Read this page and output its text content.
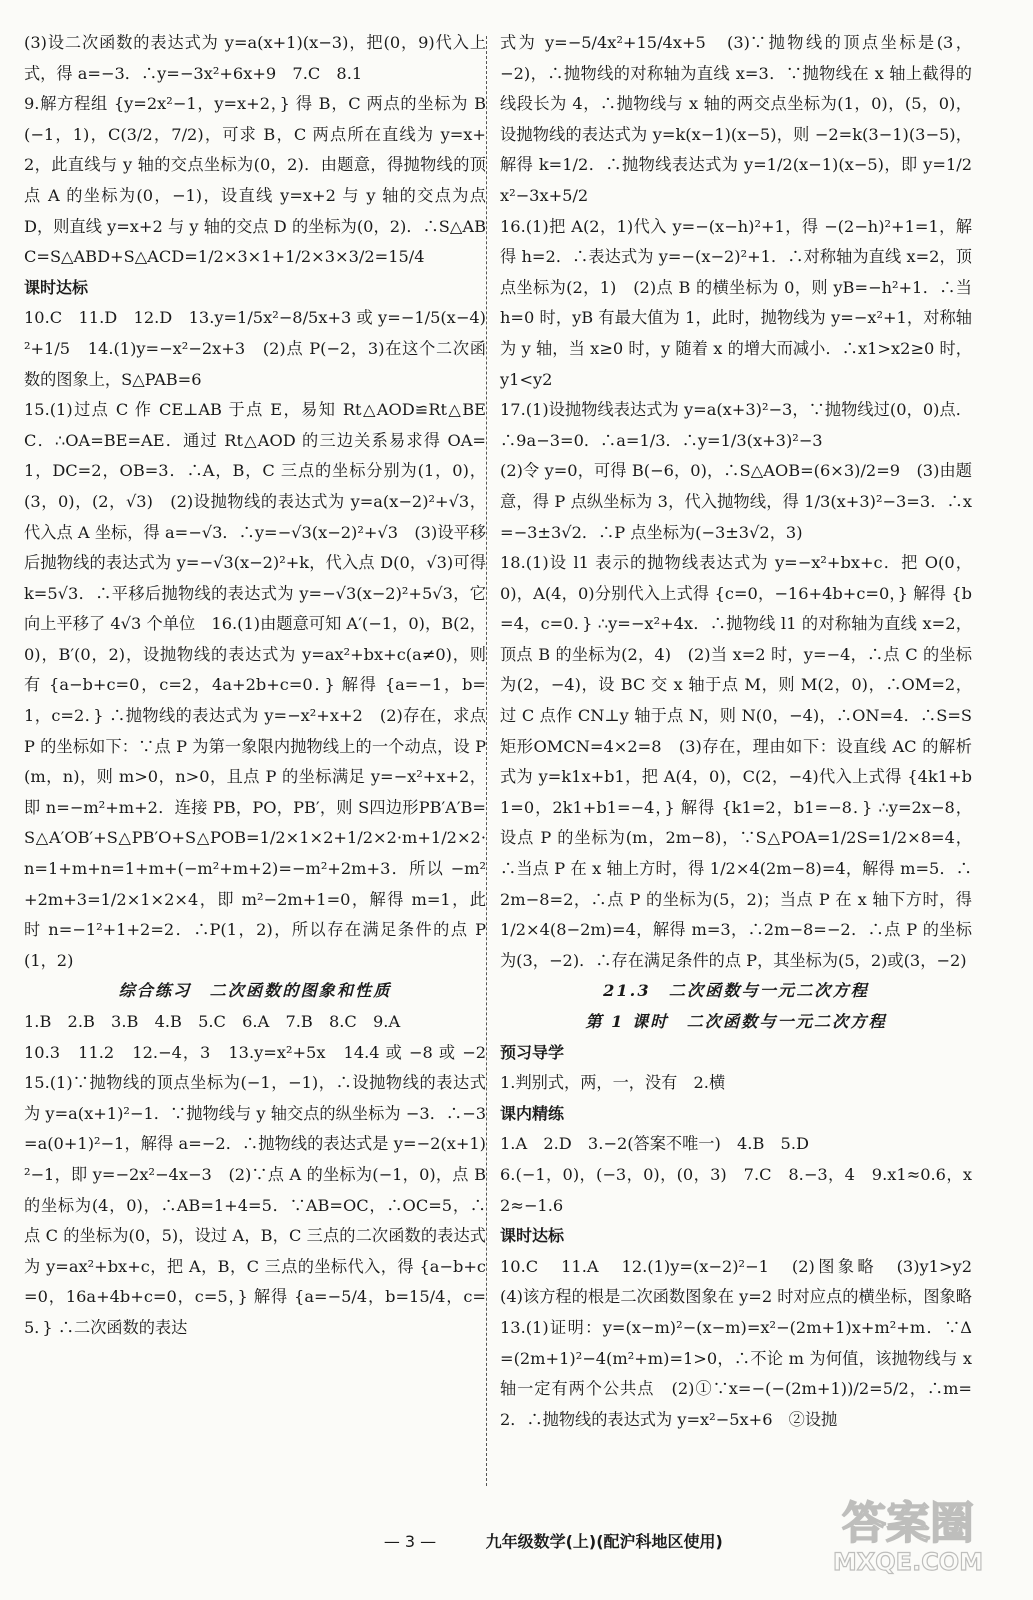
(3)设二次函数的表达式为 y=a(x+1)(x−3)，把(0，9)代入上式，得 a=−3．∴y=−3x²+6x+9　7.C　8.1

9.解方程组 {y=2x²−1，y=x+2，} 得 B，C 两点的坐标为 B(−1，1)，C(3/2，7/2)，可求 B，C 两点所在直线为 y=x+2，此直线与 y 轴的交点坐标为(0，2)．由题意，得抛物线的顶点 A 的坐标为(0，−1)，设直线 y=x+2 与 y 轴的交点为点 D，则直线 y=x+2 与 y 轴的交点 D 的坐标为(0，2)．∴S△ABC=S△ABD+S△ACD=1/2×3×1+1/2×3×3/2=15/4

课时达标

10.C　11.D　12.D　13.y=1/5x²−8/5x+3 或 y=−1/5(x−4)²+1/5　14.(1)y=−x²−2x+3　(2)点 P(−2，3)在这个二次函数的图象上，S△PAB=6

15.(1)过点 C 作 CE⊥AB 于点 E，易知 Rt△AOD≌Rt△BEC．∴OA=BE=AE．通过 Rt△AOD 的三边关系易求得 OA=1，DC=2，OB=3．∴A，B，C 三点的坐标分别为(1，0)，(3，0)，(2，√3)　(2)设抛物线的表达式为 y=a(x−2)²+√3，代入点 A 坐标，得 a=−√3．∴y=−√3(x−2)²+√3　(3)设平移后抛物线的表达式为 y=−√3(x−2)²+k，代入点 D(0，√3)可得 k=5√3．∴平移后抛物线的表达式为 y=−√3(x−2)²+5√3，它向上平移了 4√3 个单位　16.(1)由题意可知 A′(−1，0)，B(2，0)，B′(0，2)，设抛物线的表达式为 y=ax²+bx+c(a≠0)，则有 {a−b+c=0，c=2，4a+2b+c=0．} 解得 {a=−1，b=1，c=2．} ∴抛物线的表达式为 y=−x²+x+2　(2)存在，求点 P 的坐标如下：∵点 P 为第一象限内抛物线上的一个动点，设 P(m，n)，则 m>0，n>0，且点 P 的坐标满足 y=−x²+x+2，即 n=−m²+m+2．连接 PB，PO，PB′，则 S四边形PB′A′B=S△A′OB′+S△PB′O+S△POB=1/2×1×2+1/2×2·m+1/2×2·n=1+m+n=1+m+(−m²+m+2)=−m²+2m+3．所以 −m²+2m+3=1/2×1×2×4，即 m²−2m+1=0，解得 m=1，此时 n=−1²+1+2=2．∴P(1，2)，所以存在满足条件的点 P(1，2)

综合练习　二次函数的图象和性质

1.B　2.B　3.B　4.B　5.C　6.A　7.B　8.C　9.A

10.3　11.2　12.−4，3　13.y=x²+5x　14.4 或 −8 或 −2　15.(1)∵抛物线的顶点坐标为(−1，−1)，∴设抛物线的表达式为 y=a(x+1)²−1．∵抛物线与 y 轴交点的纵坐标为 −3．∴−3=a(0+1)²−1，解得 a=−2．∴抛物线的表达式是 y=−2(x+1)²−1，即 y=−2x²−4x−3　(2)∵点 A 的坐标为(−1，0)，点 B 的坐标为(4，0)，∴AB=1+4=5．∵AB=OC，∴OC=5，∴点 C 的坐标为(0，5)，设过 A，B，C 三点的二次函数的表达式为 y=ax²+bx+c，把 A，B，C 三点的坐标代入，得 {a−b+c=0，16a+4b+c=0，c=5，} 解得 {a=−5/4，b=15/4，c=5．} ∴二次函数的表达

式为 y=−5/4x²+15/4x+5　(3)∵抛物线的顶点坐标是(3，−2)，∴抛物线的对称轴为直线 x=3．∵抛物线在 x 轴上截得的线段长为 4，∴抛物线与 x 轴的两交点坐标为(1，0)，(5，0)，设抛物线的表达式为 y=k(x−1)(x−5)，则 −2=k(3−1)(3−5)，解得 k=1/2．∴抛物线表达式为 y=1/2(x−1)(x−5)，即 y=1/2x²−3x+5/2

16.(1)把 A(2，1)代入 y=−(x−h)²+1，得 −(2−h)²+1=1，解得 h=2．∴表达式为 y=−(x−2)²+1．∴对称轴为直线 x=2，顶点坐标为(2，1)　(2)点 B 的横坐标为 0，则 yB=−h²+1．∴当 h=0 时，yB 有最大值为 1，此时，抛物线为 y=−x²+1，对称轴为 y 轴，当 x≥0 时，y 随着 x 的增大而减小．∴x1>x2≥0 时，y1<y2

17.(1)设抛物线表达式为 y=a(x+3)²−3，∵抛物线过(0，0)点．∴9a−3=0．∴a=1/3．∴y=1/3(x+3)²−3

(2)令 y=0，可得 B(−6，0)，∴S△AOB=(6×3)/2=9　(3)由题意，得 P 点纵坐标为 3，代入抛物线，得 1/3(x+3)²−3=3．∴x=−3±3√2．∴P 点坐标为(−3±3√2，3)

18.(1)设 l1 表示的抛物线表达式为 y=−x²+bx+c．把 O(0，0)，A(4，0)分别代入上式得 {c=0，−16+4b+c=0，} 解得 {b=4，c=0．} ∴y=−x²+4x．∴抛物线 l1 的对称轴为直线 x=2，顶点 B 的坐标为(2，4)　(2)当 x=2 时，y=−4，∴点 C 的坐标为(2，−4)，设 BC 交 x 轴于点 M，则 M(2，0)，∴OM=2，过 C 点作 CN⊥y 轴于点 N，则 N(0，−4)，∴ON=4．∴S=S矩形OMCN=4×2=8　(3)存在，理由如下：设直线 AC 的解析式为 y=k1x+b1，把 A(4，0)，C(2，−4)代入上式得 {4k1+b1=0，2k1+b1=−4，} 解得 {k1=2，b1=−8．} ∴y=2x−8，设点 P 的坐标为(m，2m−8)，∵S△POA=1/2S=1/2×8=4，∴当点 P 在 x 轴上方时，得 1/2×4(2m−8)=4，解得 m=5．∴2m−8=2，∴点 P 的坐标为(5，2)；当点 P 在 x 轴下方时，得 1/2×4(8−2m)=4，解得 m=3，∴2m−8=−2．∴点 P 的坐标为(3，−2)．∴存在满足条件的点 P，其坐标为(5，2)或(3，−2)

21.3　二次函数与一元二次方程

第 1 课时　二次函数与一元二次方程

预习导学

1.判别式，两，一，没有　2.横

课内精练

1.A　2.D　3.−2(答案不唯一)　4.B　5.D

6.(−1，0)，(−3，0)，(0，3)　7.C　8.−3，4　9.x1≈0.6，x2≈−1.6

课时达标

10.C　11.A　12.(1)y=(x−2)²−1　(2)图象略　(3)y1>y2　(4)该方程的根是二次函数图象在 y=2 时对应点的横坐标，图象略　13.(1)证明：y=(x−m)²−(x−m)=x²−(2m+1)x+m²+m．∵Δ=(2m+1)²−4(m²+m)=1>0，∴不论 m 为何值，该抛物线与 x 轴一定有两个公共点　(2)①∵x=−(−(2m+1))/2=5/2，∴m=2．∴抛物线的表达式为 y=x²−5x+6　②设抛

— 3 —	九年级数学(上)(配沪科地区使用)	答案圈
MXQE.COM
